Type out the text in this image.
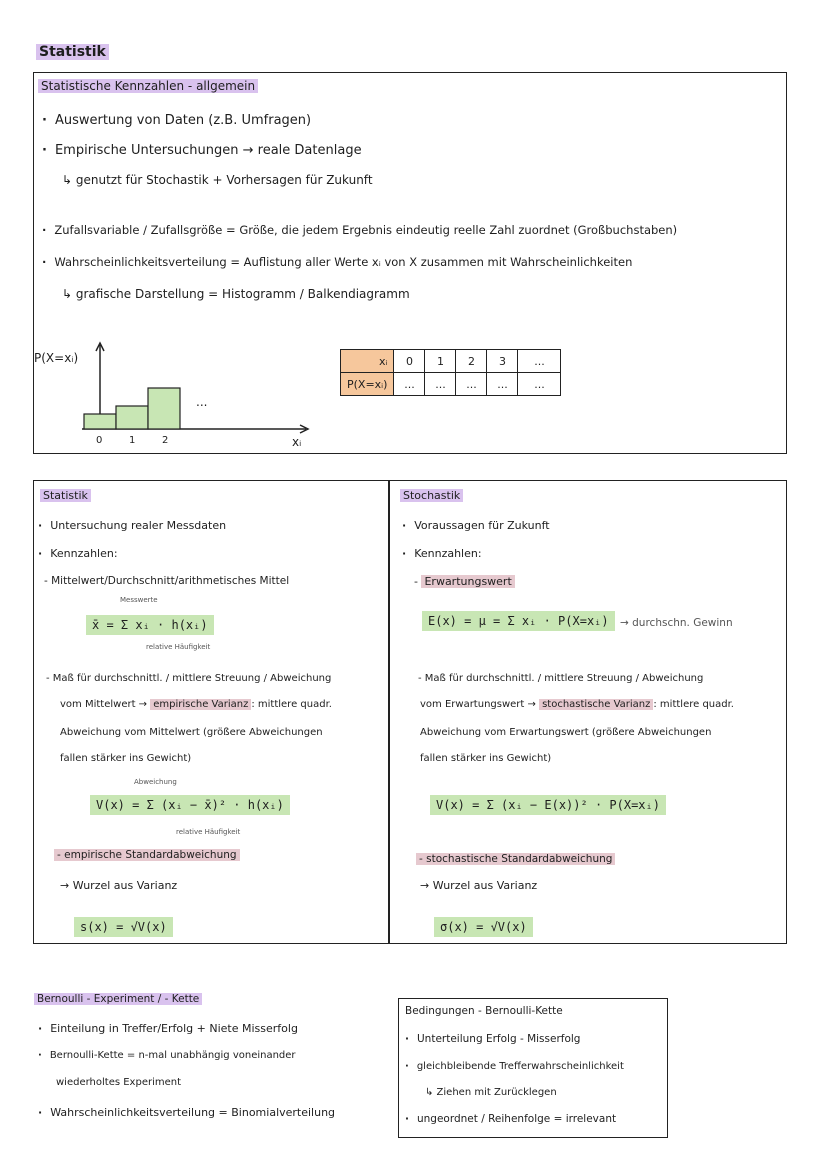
Statistik
Statistische Kennzahlen - allgemein
· Auswertung von Daten (z.B. Umfragen)
· Empirische Untersuchungen → reale Datenlage
↳ genutzt für Stochastik + Vorhersagen für Zukunft
· Zufallsvariable / Zufallsgröße = Größe, die jedem Ergebnis eindeutig reelle Zahl zuordnet (Großbuchstaben)
· Wahrscheinlichkeitsverteilung = Auflistung aller Werte xᵢ von X zusammen mit Wahrscheinlichkeiten
↳ grafische Darstellung = Histogramm / Balkendiagramm
P(X=xᵢ)
...
0	1	2	xᵢ
xᵢ	0	1	2	3	...
P(X=xᵢ)	...	...	...	...	...
Statistik
· Untersuchung realer Messdaten
· Kennzahlen:
- Mittelwert/Durchschnitt/arithmetisches Mittel
Messwerte
x̄ = Σ xᵢ · h(xᵢ)
relative Häufigkeit
- Maß für durchschnittl. / mittlere Streuung / Abweichung
vom Mittelwert → empirische Varianz : mittlere quadr.
Abweichung vom Mittelwert (größere Abweichungen
fallen stärker ins Gewicht)
Abweichung
V(x) = Σ (xᵢ − x̄)² · h(xᵢ)
relative Häufigkeit
- empirische Standardabweichung
→ Wurzel aus Varianz
s(x) = √V(x)
Stochastik
· Voraussagen für Zukunft
· Kennzahlen:
- Erwartungswert
E(x) = μ = Σ xᵢ · P(X=xᵢ)	→ durchschn. Gewinn
- Maß für durchschnittl. / mittlere Streuung / Abweichung
vom Erwartungswert → stochastische Varianz : mittlere quadr.
Abweichung vom Erwartungswert (größere Abweichungen
fallen stärker ins Gewicht)
V(x) = Σ (xᵢ − E(x))² · P(X=xᵢ)
- stochastische Standardabweichung
→ Wurzel aus Varianz
σ(x) = √V(x)
Bernoulli - Experiment / - Kette
· Einteilung in Treffer/Erfolg + Niete Misserfolg
· Bernoulli-Kette = n-mal unabhängig voneinander
wiederholtes Experiment
· Wahrscheinlichkeitsverteilung = Binomialverteilung
Bedingungen - Bernoulli-Kette
· Unterteilung Erfolg - Misserfolg
· gleichbleibende Trefferwahrscheinlichkeit
↳ Ziehen mit Zurücklegen
· ungeordnet / Reihenfolge = irrelevant
